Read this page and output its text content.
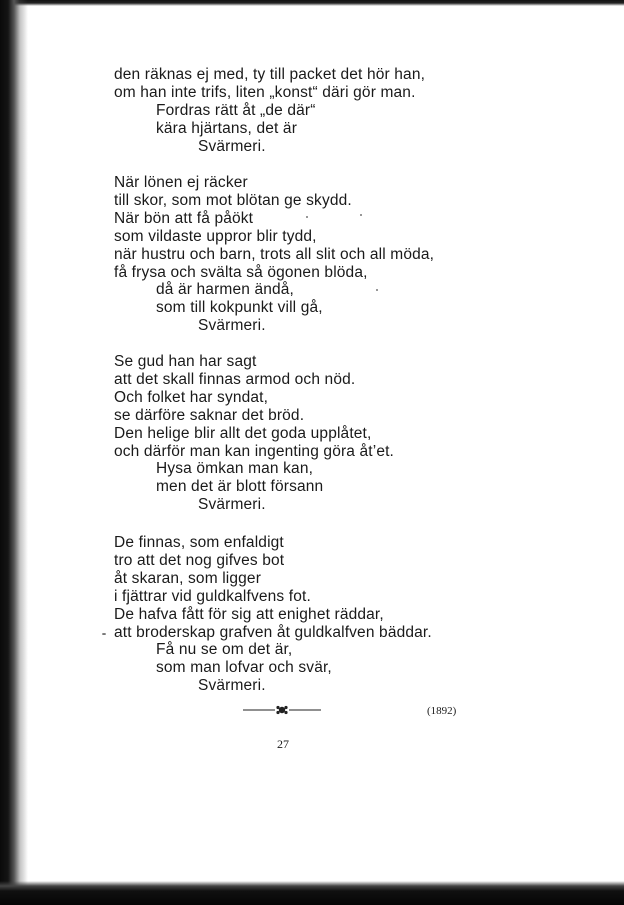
den räknas ej med, ty till packet det hör han,
om han inte trifs, liten „konst“ däri gör man.
Fordras rätt åt „de där“
kära hjärtans, det är
Svärmeri.
När lönen ej räcker
till skor, som mot blötan ge skydd.
När bön att få påökt
som vildaste uppror blir tydd,
när hustru och barn, trots all slit och all möda,
få frysa och svälta så ögonen blöda,
då är harmen ändå,
som till kokpunkt vill gå,
Svärmeri.
Se gud han har sagt
att det skall finnas armod och nöd.
Och folket har syndat,
se därföre saknar det bröd.
Den helige blir allt det goda upplåtet,
och därför man kan ingenting göra åt’et.
Hysa ömkan man kan,
men det är blott försann
Svärmeri.
De finnas, som enfaldigt
tro att det nog gifves bot
åt skaran, som ligger
i fjättrar vid guldkalfvens fot.
De hafva fått för sig att enighet räddar,
att broderskap grafven åt guldkalfven bäddar.
Få nu se om det är,
som man lofvar och svär,
Svärmeri.
(1892)
27
